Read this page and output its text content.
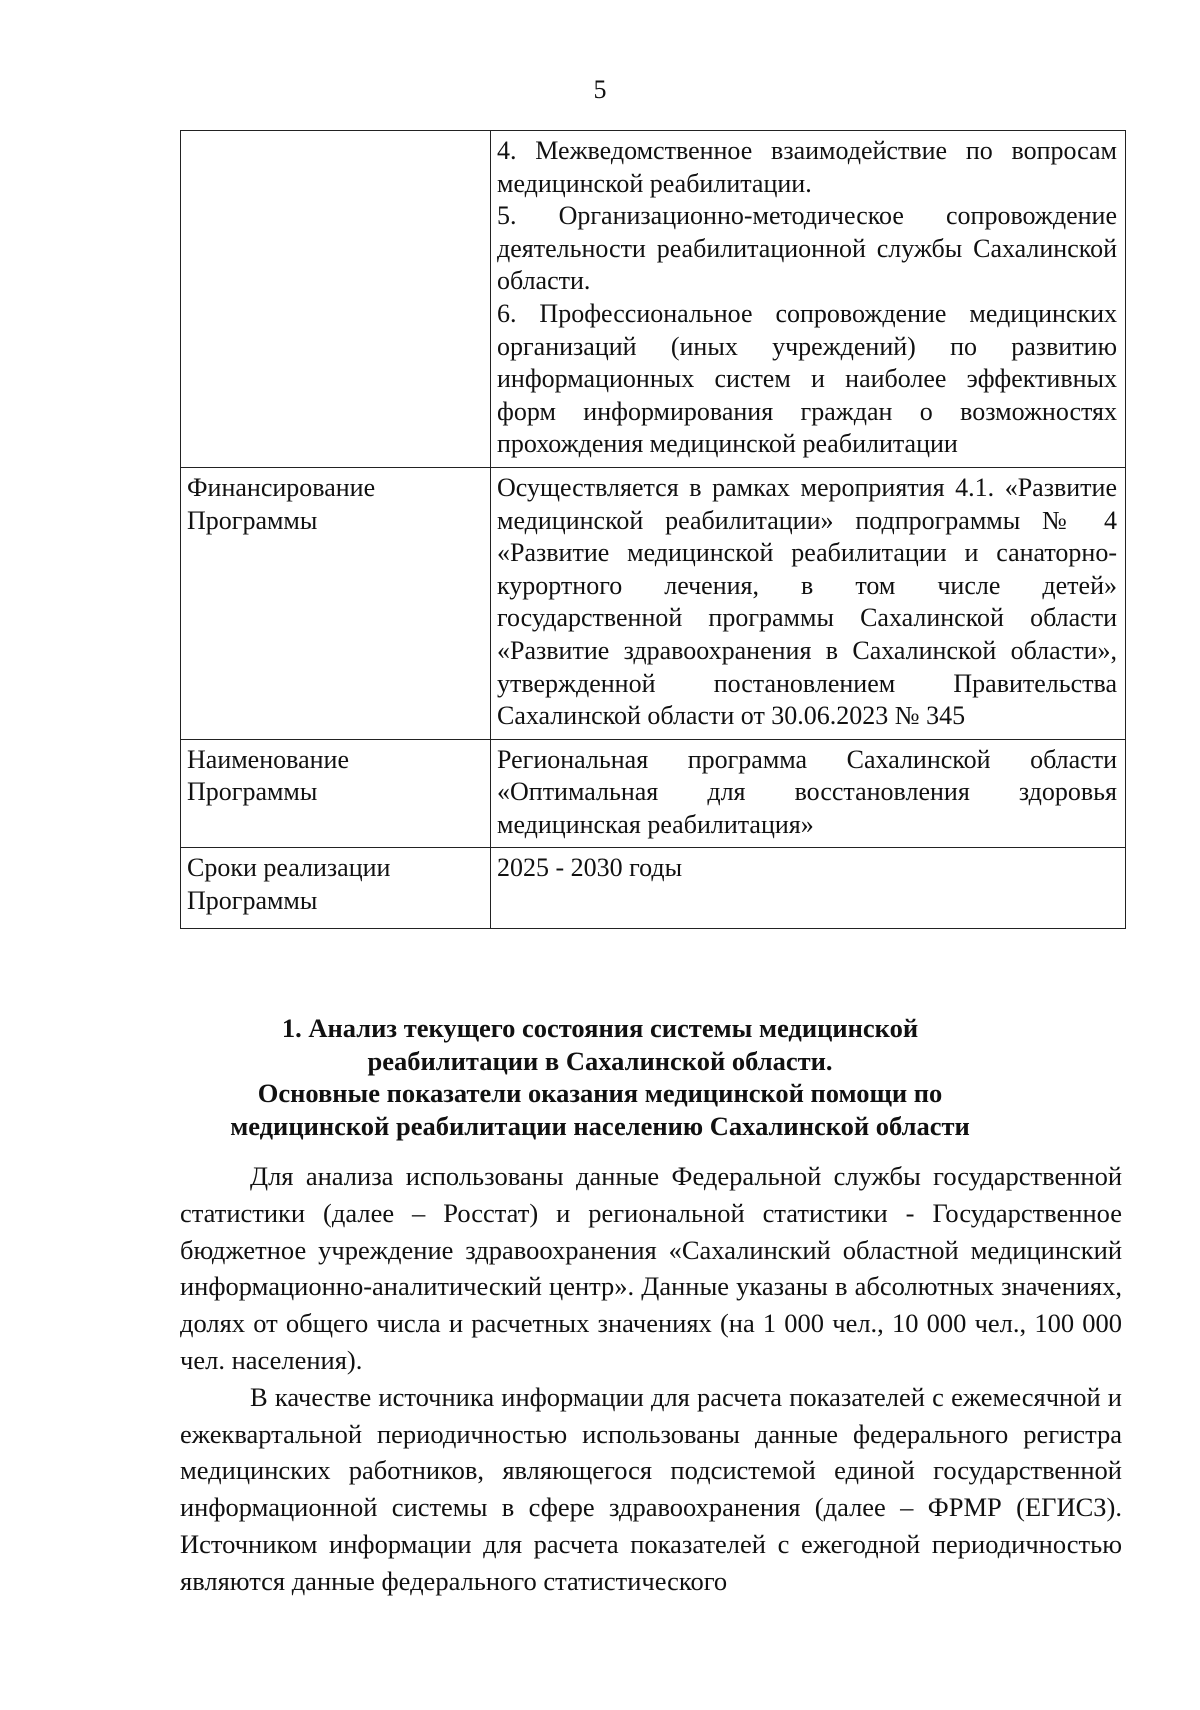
5

	4. Межведомственное взаимодействие по вопросам медицинской реабилитации.
5. Организационно-методическое сопровождение деятельности реабилитационной службы Сахалинской области.
6. Профессиональное сопровождение медицинских организаций (иных учреждений) по развитию информационных систем и наиболее эффективных форм информирования граждан о возможностях прохождения медицинской реабилитации

Финансирование Программы	Осуществляется в рамках мероприятия 4.1. «Развитие медицинской реабилитации» подпрограммы № 4 «Развитие медицинской реабилитации и санаторно-курортного лечения, в том числе детей» государственной программы Сахалинской области «Развитие здравоохранения в Сахалинской области», утвержденной постановлением Правительства Сахалинской области от 30.06.2023 № 345

Наименование Программы	Региональная программа Сахалинской области «Оптимальная для восстановления здоровья медицинская реабилитация»

Сроки реализации Программы	2025 - 2030 годы
1. Анализ текущего состояния системы медицинской
реабилитации в Сахалинской области.
Основные показатели оказания медицинской помощи по
медицинской реабилитации населению Сахалинской области

Для анализа использованы данные Федеральной службы государственной статистики (далее – Росстат) и региональной статистики - Государственное бюджетное учреждение здравоохранения «Сахалинский областной медицинский информационно-аналитический центр». Данные указаны в абсолютных значениях, долях от общего числа и расчетных значениях (на 1 000 чел., 10 000 чел., 100 000 чел. населения).

В качестве источника информации для расчета показателей с ежемесячной и ежеквартальной периодичностью использованы данные федерального регистра медицинских работников, являющегося подсистемой единой государственной информационной системы в сфере здравоохранения (далее – ФРМР (ЕГИСЗ). Источником информации для расчета показателей с ежегодной периодичностью являются данные федерального статистического
